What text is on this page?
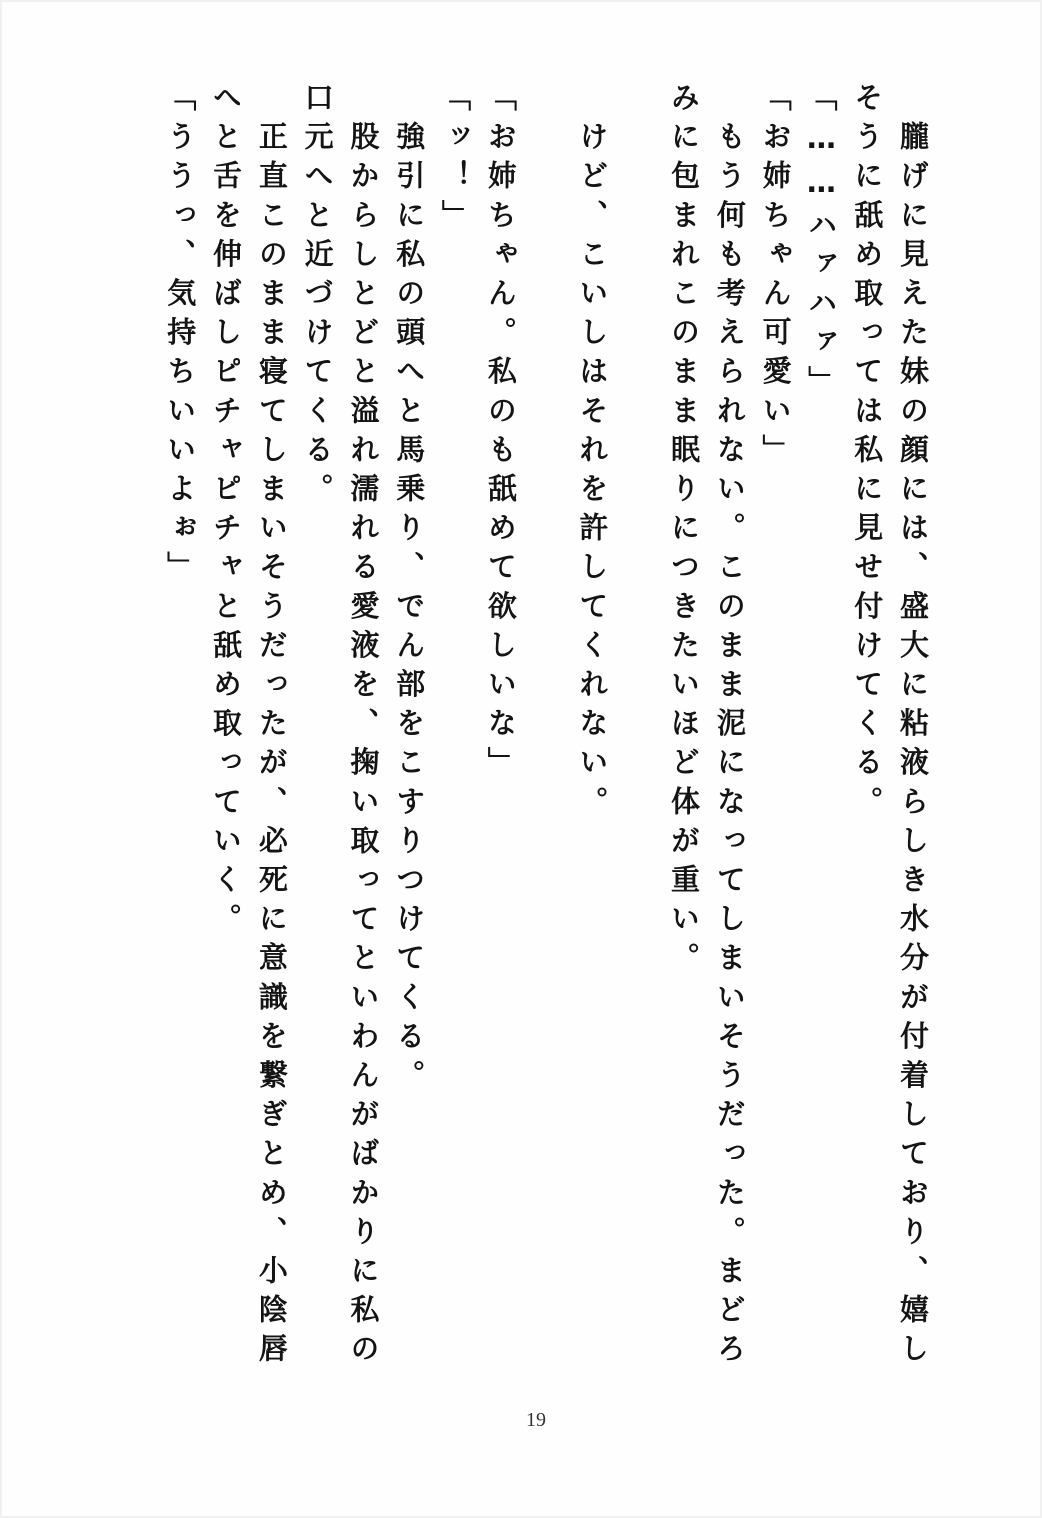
　朧げに見えた妹の顔には、盛大に粘液らしき水分が付着しており、嬉しそうに舐め取っては私に見せ付けてくる。

「……ハァハァ」

「お姉ちゃん可愛い」

　もう何も考えられない。このまま泥になってしまいそうだった。まどろみに包まれこのまま眠りにつきたいほど体が重い。

　けど、こいしはそれを許してくれない。

「お姉ちゃん。私のも舐めて欲しいな」

「ッ！」

　強引に私の頭へと馬乗り、でん部をこすりつけてくる。

　股からしとどと溢れ濡れる愛液を、掬い取ってといわんがばかりに私の口元へと近づけてくる。

　正直このまま寝てしまいそうだったが、必死に意識を繋ぎとめ、小陰唇へと舌を伸ばしピチャピチャと舐め取っていく。

「ううっ、気持ちいいよぉ」

19
